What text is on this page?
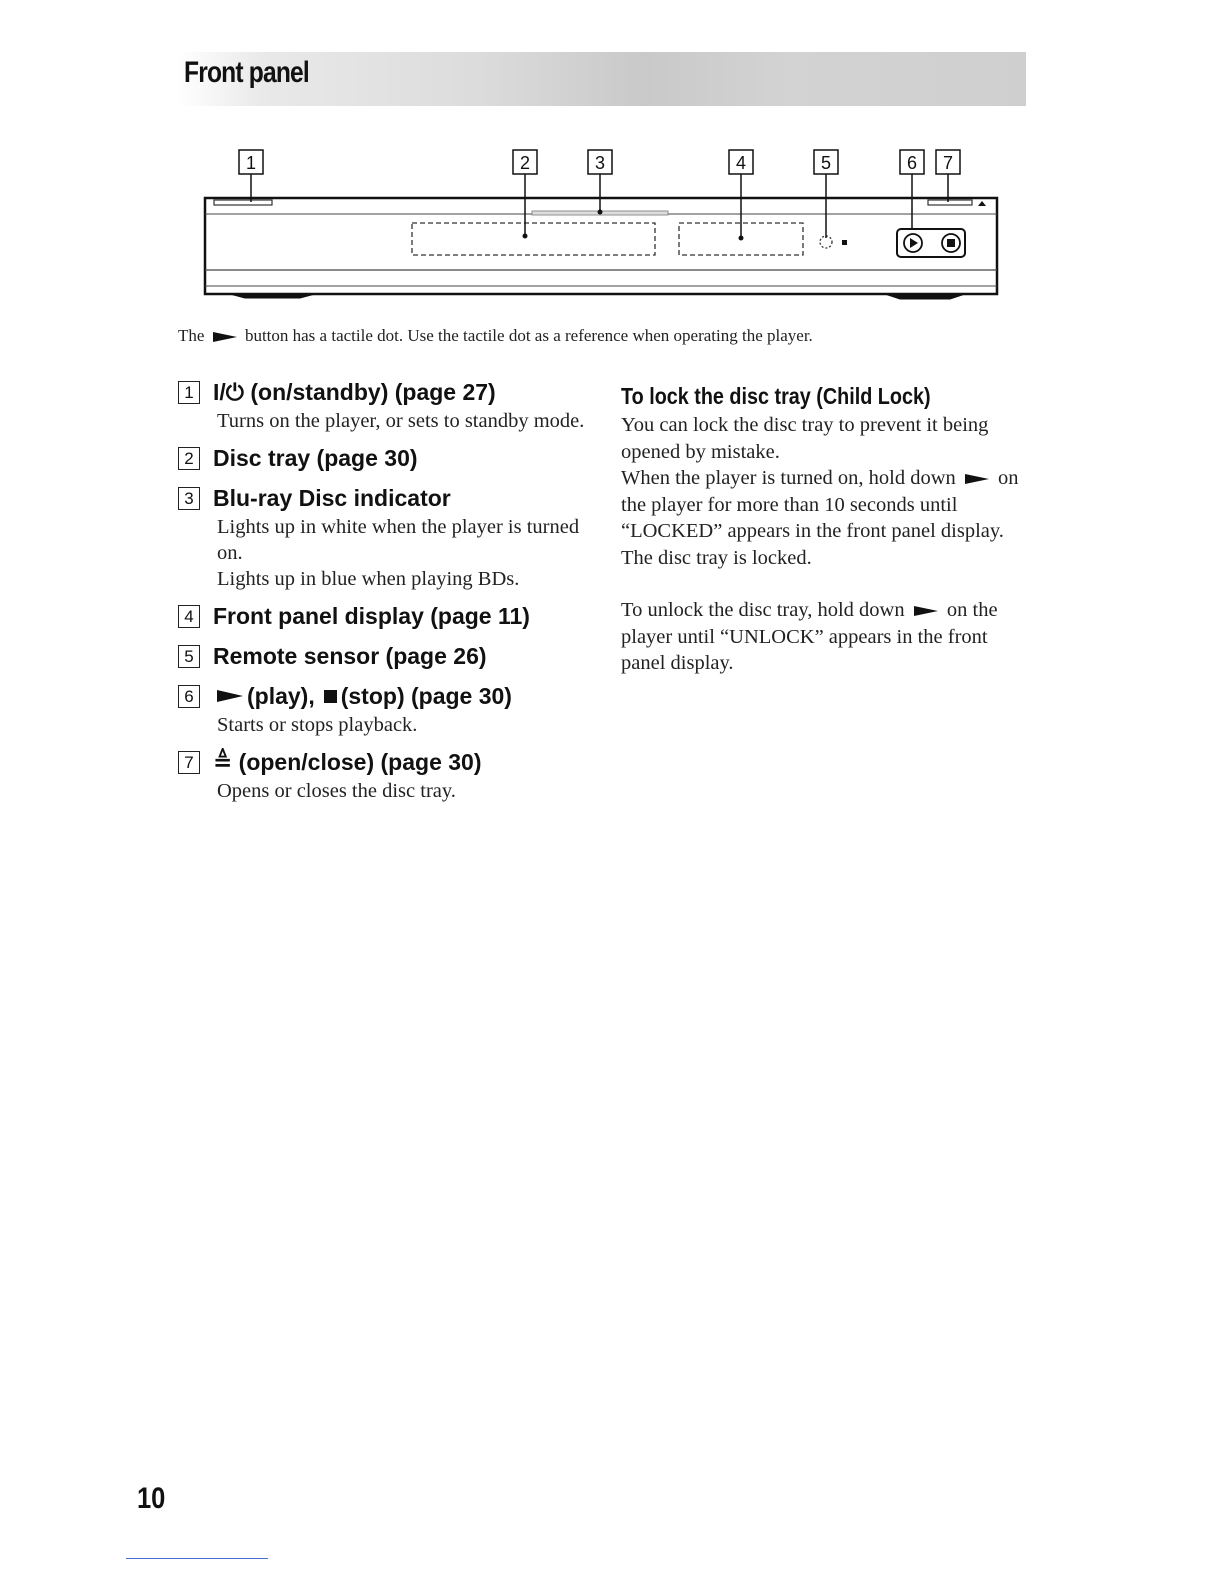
Front panel
1	2	3	4	5	6 7
The button has a tactile dot. Use the tactile dot as a reference when operating the player.
1 I/⏻ (on/standby) (page 27)
Turns on the player, or sets to standby mode.
2 Disc tray (page 30)
3 Blu-ray Disc indicator
Lights up in white when the player is turned on.
Lights up in blue when playing BDs.
4 Front panel display (page 11)
5 Remote sensor (page 26)
6 (play), (stop) (page 30)
Starts or stops playback.
7 ≜ (open/close) (page 30)
Opens or closes the disc tray.
To lock the disc tray (Child Lock)
You can lock the disc tray to prevent it being opened by mistake.
When the player is turned on, hold down on the player for more than 10 seconds until “LOCKED” appears in the front panel display. The disc tray is locked.
To unlock the disc tray, hold down on the player until “UNLOCK” appears in the front panel display.
10
